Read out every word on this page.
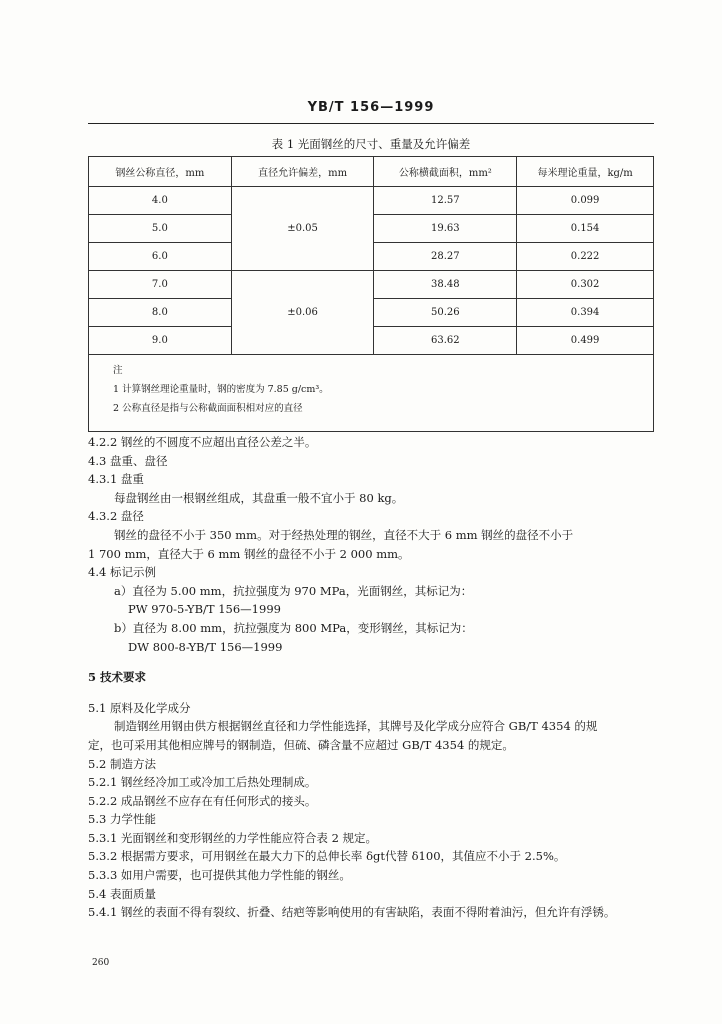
YB/T 156—1999
表 1 光面钢丝的尺寸、重量及允许偏差
钢丝公称直径，mm	直径允许偏差，mm	公称横截面积，mm²	每米理论重量，kg/m
4.0	±0.05	12.57	0.099
5.0		19.63	0.154
6.0		28.27	0.222
7.0	±0.06	38.48	0.302
8.0		50.26	0.394
9.0		63.62	0.499

注
1 计算钢丝理论重量时，钢的密度为 7.85 g/cm³。
2 公称直径是指与公称截面面积相对应的直径			
4.2.2 钢丝的不圆度不应超出直径公差之半。
4.3 盘重、盘径
4.3.1 盘重
每盘钢丝由一根钢丝组成，其盘重一般不宜小于 80 kg。
4.3.2 盘径
钢丝的盘径不小于 350 mm。对于经热处理的钢丝，直径不大于 6 mm 钢丝的盘径不小于
1 700 mm，直径大于 6 mm 钢丝的盘径不小于 2 000 mm。
4.4 标记示例
a）直径为 5.00 mm，抗拉强度为 970 MPa，光面钢丝，其标记为：
PW 970-5-YB/T 156—1999
b）直径为 8.00 mm，抗拉强度为 800 MPa，变形钢丝，其标记为：
DW 800-8-YB/T 156—1999
5 技术要求
5.1 原料及化学成分
制造钢丝用钢由供方根据钢丝直径和力学性能选择，其牌号及化学成分应符合 GB/T 4354 的规
定，也可采用其他相应牌号的钢制造，但硫、磷含量不应超过 GB/T 4354 的规定。
5.2 制造方法
5.2.1 钢丝经冷加工或冷加工后热处理制成。
5.2.2 成品钢丝不应存在有任何形式的接头。
5.3 力学性能
5.3.1 光面钢丝和变形钢丝的力学性能应符合表 2 规定。
5.3.2 根据需方要求，可用钢丝在最大力下的总伸长率 δgt代替 δ100，其值应不小于 2.5%。
5.3.3 如用户需要，也可提供其他力学性能的钢丝。
5.4 表面质量
5.4.1 钢丝的表面不得有裂纹、折叠、结疤等影响使用的有害缺陷，表面不得附着油污，但允许有浮锈。
260
